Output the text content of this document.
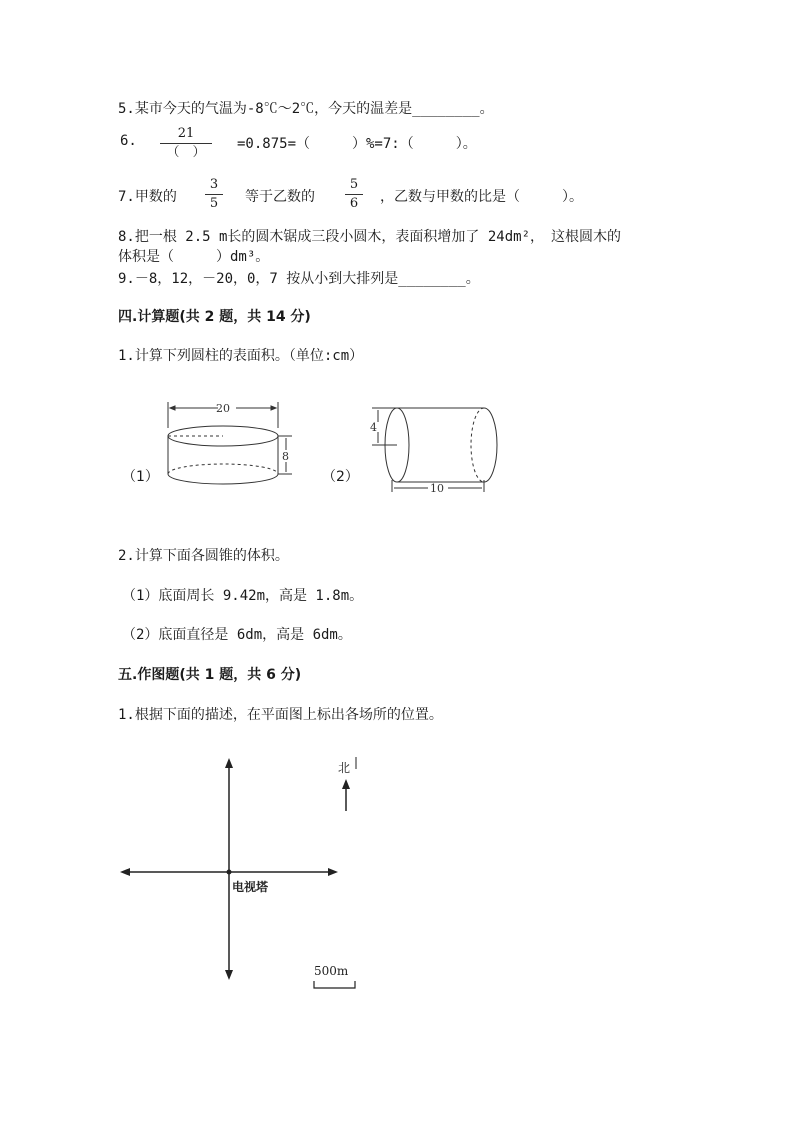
5.某市今天的气温为-8℃～2℃，今天的温差是________。
6.	21
（　）
=0.875=（　　　）%=7:（　　　）。
7.甲数的
3
5	等于乙数的
5
6	，乙数与甲数的比是（　　　）。
8.把一根 2.5 m长的圆木锯成三段小圆木，表面积增加了 24dm²，　这根圆木的
体积是（　　　）dm³。
9.－8，12，－20，0，7 按从小到大排列是________。
四.计算题(共 2 题，共 14 分)
1.计算下列圆柱的表面积。（单位:cm）
（1）	（2）
20
8
4
10
2.计算下面各圆锥的体积。
（1）底面周长 9.42m，高是 1.8m。
（2）底面直径是 6dm，高是 6dm。
五.作图题(共 1 题，共 6 分)
1.根据下面的描述，在平面图上标出各场所的位置。
北
电视塔
500m
